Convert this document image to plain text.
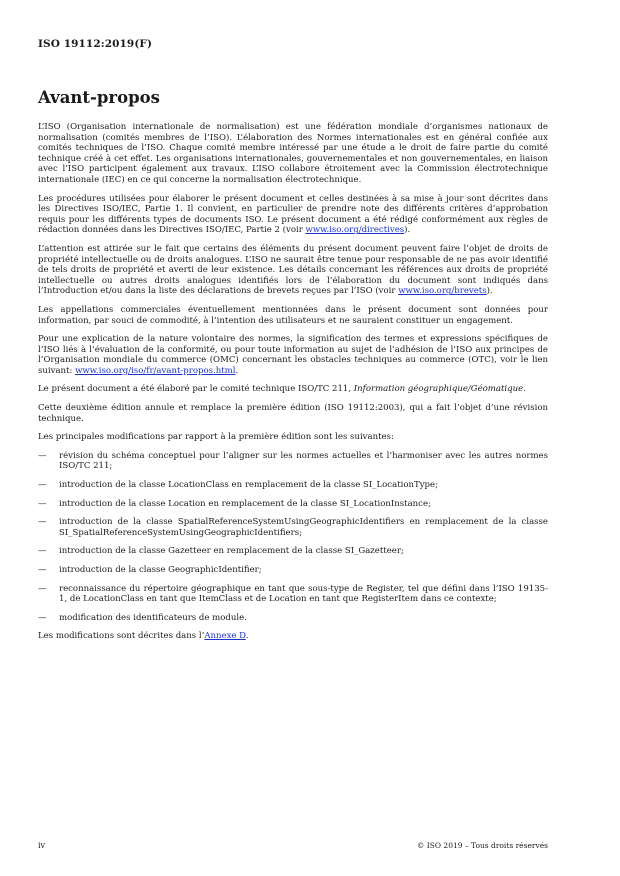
ISO 19112:2019(F)
Avant-propos

L’ISO (Organisation internationale de normalisation) est une fédération mondiale d’organismes nationaux de normalisation (comités membres de l’ISO). L’élaboration des Normes internationales est en général confiée aux comités techniques de l’ISO. Chaque comité membre intéressé par une étude a le droit de faire partie du comité technique créé à cet effet. Les organisations internationales, gouvernementales et non gouvernementales, en liaison avec l’ISO participent également aux travaux. L’ISO collabore étroitement avec la Commission électrotechnique internationale (IEC) en ce qui concerne la normalisation électrotechnique.

Les procédures utilisées pour élaborer le présent document et celles destinées à sa mise à jour sont décrites dans les Directives ISO/IEC, Partie 1. Il convient, en particulier de prendre note des différents critères d’approbation requis pour les différents types de documents ISO. Le présent document a été rédigé conformément aux règles de rédaction données dans les Directives ISO/IEC, Partie 2 (voir www.iso.org/directives).

L’attention est attirée sur le fait que certains des éléments du présent document peuvent faire l’objet de droits de propriété intellectuelle ou de droits analogues. L’ISO ne saurait être tenue pour responsable de ne pas avoir identifié de tels droits de propriété et averti de leur existence. Les détails concernant les références aux droits de propriété intellectuelle ou autres droits analogues identifiés lors de l’élaboration du document sont indiqués dans l’Introduction et/ou dans la liste des déclarations de brevets reçues par l’ISO (voir www.iso.org/brevets).

Les appellations commerciales éventuellement mentionnées dans le présent document sont données pour information, par souci de commodité, à l’intention des utilisateurs et ne sauraient constituer un engagement.

Pour une explication de la nature volontaire des normes, la signification des termes et expressions spécifiques de l’ISO liés à l’évaluation de la conformité, ou pour toute information au sujet de l’adhésion de l’ISO aux principes de l’Organisation mondiale du commerce (OMC) concernant les obstacles techniques au commerce (OTC), voir le lien suivant: www.iso.org/iso/fr/avant-propos.html.

Le présent document a été élaboré par le comité technique ISO/TC 211, Information géographique/Géomatique.

Cette deuxième édition annule et remplace la première édition (ISO 19112:2003), qui a fait l’objet d’une révision technique.

Les principales modifications par rapport à la première édition sont les suivantes:

— révision du schéma conceptuel pour l’aligner sur les normes actuelles et l’harmoniser avec les autres normes ISO/TC 211;
— introduction de la classe LocationClass en remplacement de la classe SI_LocationType;
— introduction de la classe Location en remplacement de la classe SI_LocationInstance;
— introduction de la classe SpatialReferenceSystemUsingGeographicIdentifiers en remplacement de la classe SI_SpatialReferenceSystemUsingGeographicIdentifiers;
— introduction de la classe Gazetteer en remplacement de la classe SI_Gazetteer;
— introduction de la classe GeographicIdentifier;
— reconnaissance du répertoire géographique en tant que sous-type de Register, tel que défini dans l’ISO 19135-1, de LocationClass en tant que ItemClass et de Location en tant que RegisterItem dans ce contexte;
— modification des identificateurs de module.

Les modifications sont décrites dans l’Annexe D.

iv	© ISO 2019 – Tous droits réservés
